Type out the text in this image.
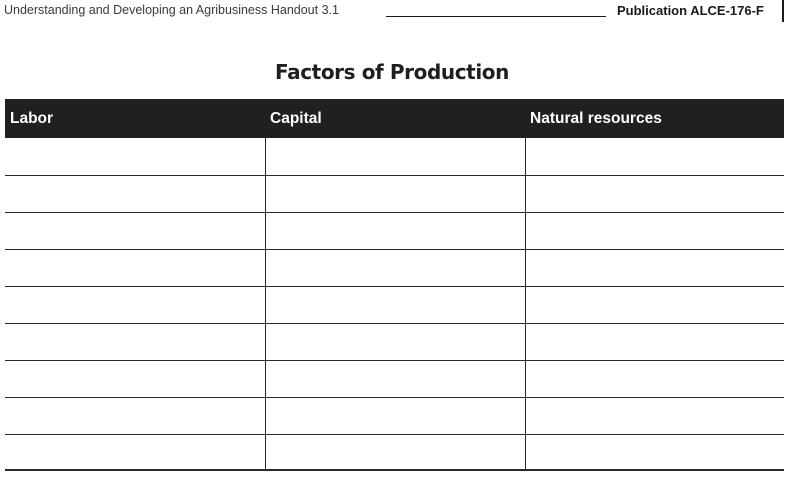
Understanding and Developing an Agribusiness Handout 3.1	Publication ALCE-176-F
Factors of Production
Labor	Capital	Natural resources
